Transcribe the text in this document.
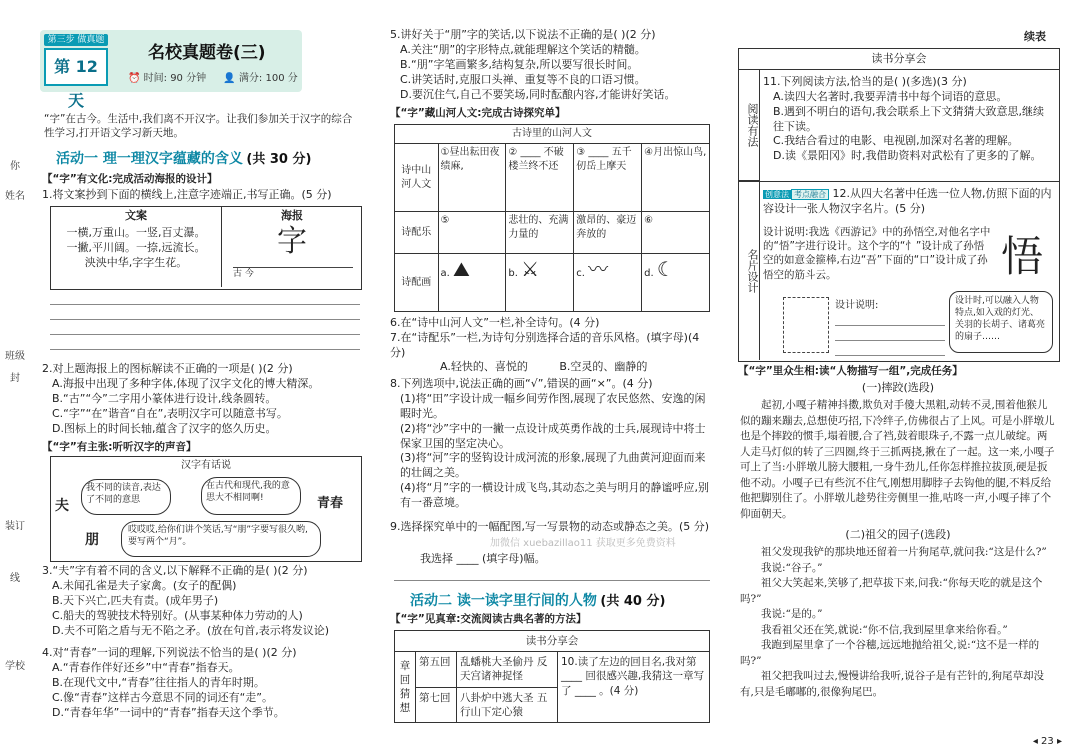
你
姓名
班级
封
装订
线
学校
第三步 做真题
第 12 天
名校真题卷(三)
⏰ 时间: 90 分钟 👤 满分: 100 分
“字”在古今。生活中,我们离不开汉字。让我们参加关于汉字的综合性学习,打开语文学习新天地。
活动一 理一理汉字蕴藏的含义 (共 30 分)
【“字”有文化:完成活动海报的设计】
1.将文案抄到下面的横线上,注意字迹端正,书写正确。(5 分)
文案
一横,万重山。一竖,百丈瀑。
一撇,平川阔。一捺,远流长。
泱泱中华,字字生花。
海报
字
古 今
2.对上题海报上的图标解读不正确的一项是( )(2 分)
A.海报中出现了多种字体,体现了汉字文化的博大精深。
B.“古”“今”二字用小篆体进行设计,线条圆转。
C.“字”“在”谐音“自在”,表明汉字可以随意书写。
D.图标上的时间长轴,蕴含了汉字的悠久历史。
【“字”有主张:听听汉字的声音】
汉字有话说
我不同的读音,表达了不同的意思
在古代和现代,我的意思大不相同啊!
夫	青春
朋
哎哎哎,给你们讲个笑话,写“朋”字要写很久哟,要写两个“月”。
3.“夫”字有着不同的含义,以下解释不正确的是( )(2 分)
A.未闻孔雀是夫子家禽。(女子的配偶)
B.天下兴亡,匹夫有责。(成年男子)
C.船夫的驾驶技术特别好。(从事某种体力劳动的人)
D.夫不可陷之盾与无不陷之矛。(放在句首,表示将发议论)
4.对“青春”一词的理解,下列说法不恰当的是( )(2 分)
A.“青春作伴好还乡”中“青春”指春天。
B.在现代文中,“青春”往往指人的青年时期。
C.像“青春”这样古今意思不同的词还有“走”。
D.“青春年华”一词中的“青春”指春天这个季节。
5.讲好关于“朋”字的笑话,以下说法不正确的是( )(2 分)
A.关注“朋”的字形特点,就能理解这个笑话的精髓。
B.“朋”字笔画繁多,结构复杂,所以要写很长时间。
C.讲笑话时,克服口头禅、重复等不良的口语习惯。
D.要沉住气,自己不要笑场,同时酝酿内容,才能讲好笑话。
【“字”藏山河人文:完成古诗探究单】
古诗里的山河人文				
诗中山河人文	①昼出耘田夜绩麻,	② ____ 不破楼兰终不还	③ ____ 五千仞岳上摩天	④月出惊山鸟,
诗配乐	⑤	悲壮的、充满力量的	激昂的、豪迈奔放的	⑥
诗配画	a. ⛰	b. ⚔	c. 〰	d. ☾
6.在“诗中山河人文”一栏,补全诗句。(4 分)
7.在“诗配乐”一栏,为诗句分别选择合适的音乐风格。(填字母)(4 分)
A.轻快的、喜悦的	B.空灵的、幽静的
8.下列选项中,说法正确的画“√”,错误的画“×”。(4 分)
(1)将“田”字设计成一幅乡间劳作图,展现了农民悠然、安逸的闲暇时光。
(2)将“沙”字中的一撇一点设计成英勇作战的士兵,展现诗中将士保家卫国的坚定决心。
(3)将“河”字的竖钩设计成河流的形象,展现了九曲黄河迎面而来的壮阔之美。
(4)将“月”字的一横设计成飞鸟,其动态之美与明月的静谧呼应,别有一番意境。
9.选择探究单中的一幅配图,写一写景物的动态或静态之美。(5 分)
我选择 ____ (填字母)幅。
加微信 xuebazillao11 获取更多免费资料
活动二 读一读字里行间的人物 (共 40 分)
【“字”见真章:交流阅读古典名著的方法】
读书分享会			
章回猜想	第五回	乱蟠桃大圣偷丹 反天宫诸神捉怪	10.读了左边的回目名,我对第 ____ 回很感兴趣,我猜这一章写了 ____ 。(4 分)
	第七回	八卦炉中逃大圣 五行山下定心猿	
续表
读书分享会
阅读有法
11.下列阅读方法,恰当的是( )(多选)(3 分)
A.读四大名著时,我要弄清书中每个词语的意思。
B.遇到不明白的语句,我会联系上下文猜猜大致意思,继续往下读。
C.我结合看过的电影、电视剧,加深对名著的理解。
D.读《景阳冈》时,我借助资料对武松有了更多的了解。
名片设计
创意法 考点融合 12.从四大名著中任选一位人物,仿照下面的内容设计一张人物汉字名片。(5 分)
设计说明:我选《西游记》中的孙悟空,对他名字中的“悟”字进行设计。这个字的“忄”设计成了孙悟空的如意金箍棒,右边“吾”下面的“口”设计成了孙悟空的筋斗云。	悟
设计说明:	设计时,可以融入人物特点,如入戏的灯光、关羽的长胡子、诸葛亮的扇子……
【“字”里众生相:读“人物描写一组”,完成任务】
(一)摔跤(选段)
起初,小嘎子精神抖擞,欺负对手傻大黑粗,动转不灵,围着他猴儿似的蹦来蹦去,总想使巧招,下冷绊子,仿佛很占了上风。可是小胖墩儿也是个摔跤的惯手,塌着腰,合了裆,鼓着眼珠子,不露一点儿破绽。两人走马灯似的转了三四圈,终于三抓两挠,揪在了一起。这一来,小嘎子可上了当:小胖墩儿膀大腰粗,一身牛劲儿,任你怎样推拉拔顶,硬是扳他不动。小嘎子已有些沉不住气,刚想用脚脖子去钩他的腿,不料反给他把脚别住了。小胖墩儿趁势往旁侧里一推,咕咚一声,小嘎子摔了个仰面朝天。
(二)祖父的园子(选段)
祖父发现我铲的那块地还留着一片狗尾草,就问我:“这是什么?”
我说:“谷子。”
祖父大笑起来,笑够了,把草拔下来,问我:“你每天吃的就是这个吗?”
我说:“是的。”
我看祖父还在笑,就说:“你不信,我到屋里拿来给你看。”
我跑到屋里拿了一个谷穗,远远地抛给祖父,说:“这不是一样的吗?”
祖父把我叫过去,慢慢讲给我听,说谷子是有芒针的,狗尾草却没有,只是毛嘟嘟的,很像狗尾巴。
◂ 23 ▸
